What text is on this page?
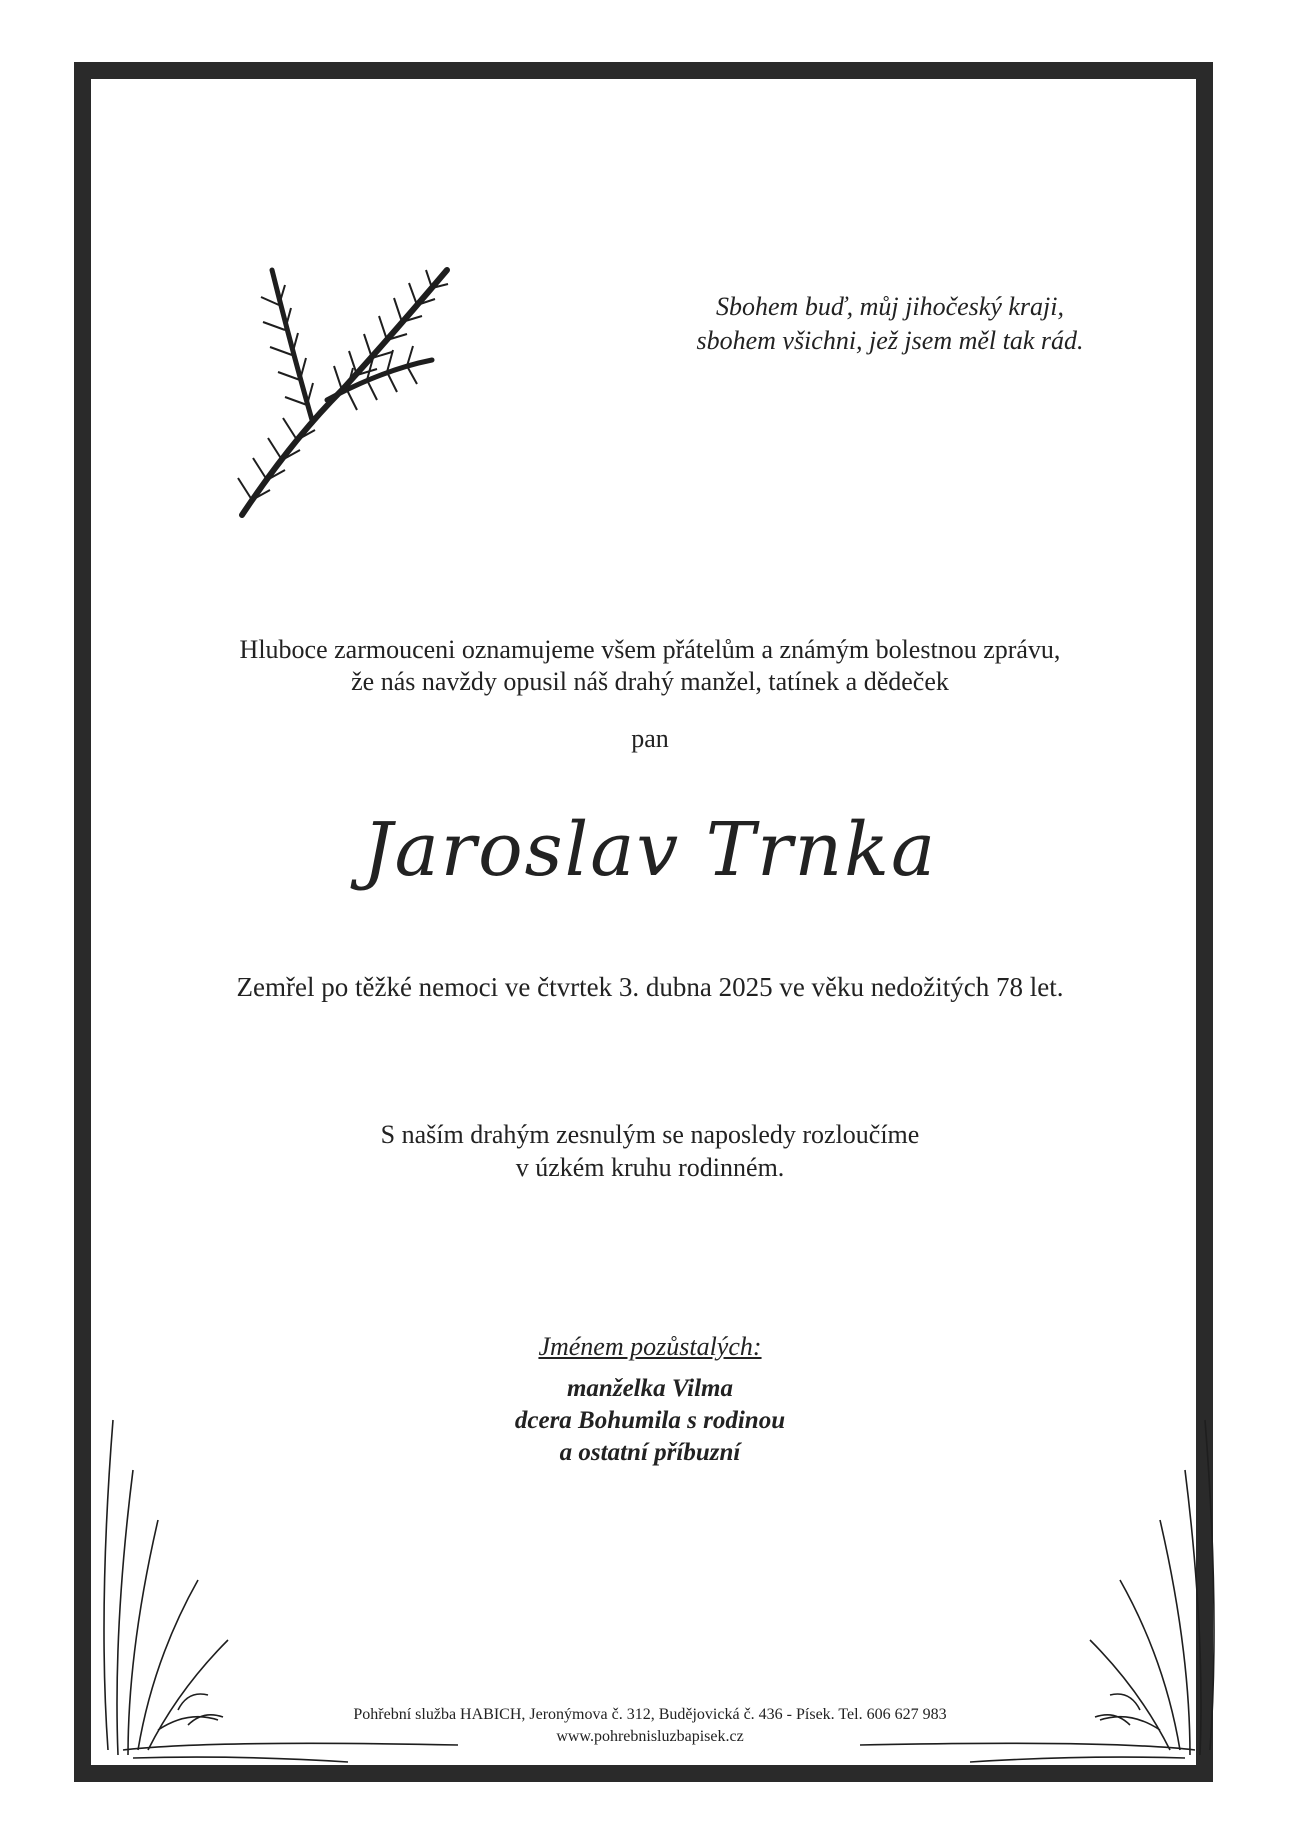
Sbohem buď, můj jihočeský kraji,
sbohem všichni, jež jsem měl tak rád.
Hluboce zarmouceni oznamujeme všem přátelům a známým bolestnou zprávu,
že nás navždy opusil náš drahý manžel, tatínek a dědeček
pan
Jaroslav Trnka
Zemřel po těžké nemoci ve čtvrtek 3. dubna 2025 ve věku nedožitých 78 let.
S naším drahým zesnulým se naposledy rozloučíme
v úzkém kruhu rodinném.
Jménem pozůstalých:
manželka Vilma
dcera Bohumila s rodinou
a ostatní příbuzní
Pohřební služba HABICH, Jeronýmova č. 312, Budějovická č. 436 - Písek. Tel. 606 627 983
www.pohrebnisluzbapisek.cz
